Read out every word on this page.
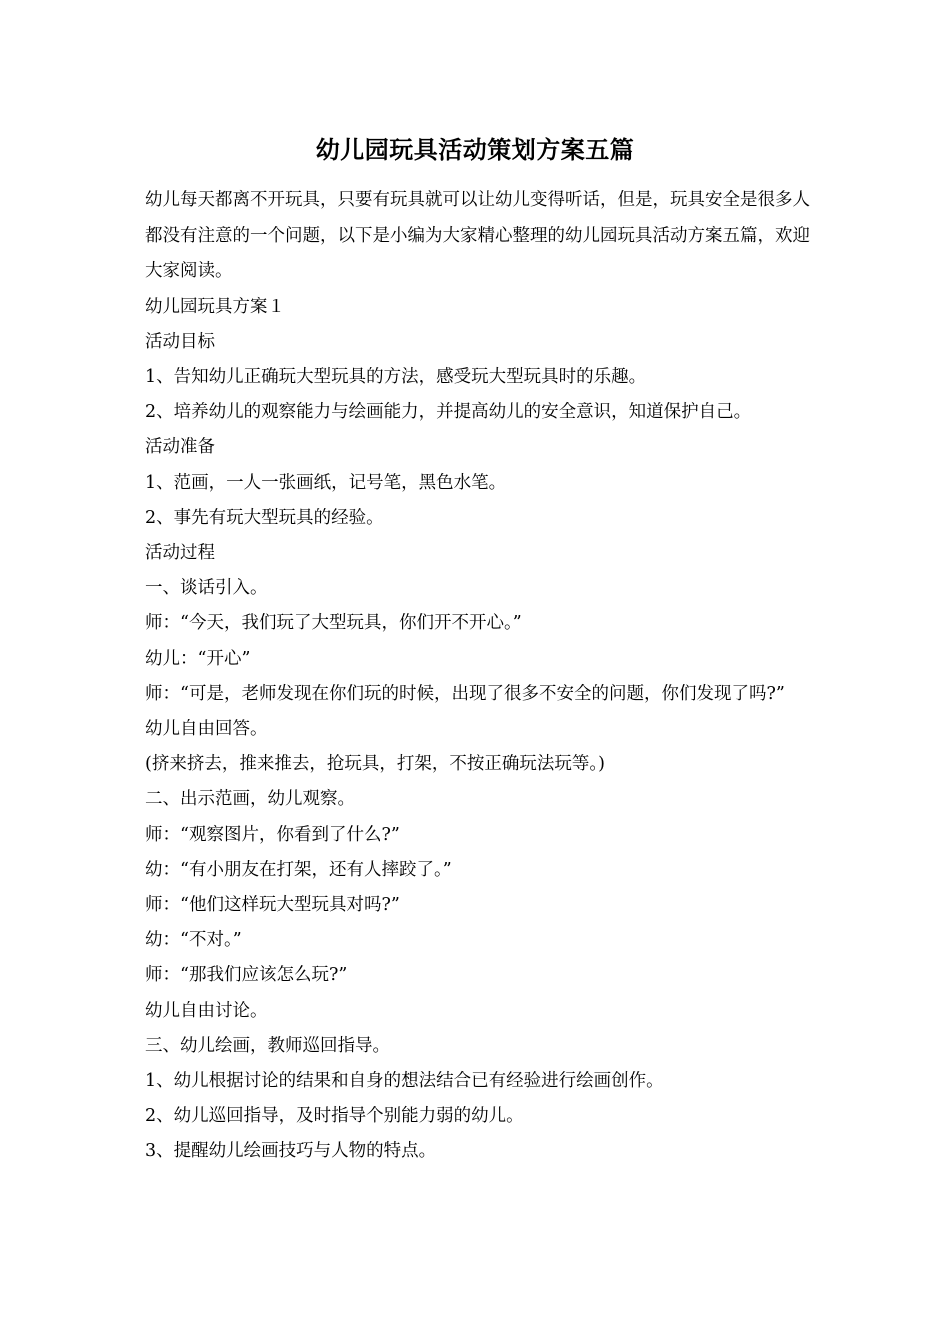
幼儿园玩具活动策划方案五篇

幼儿每天都离不开玩具，只要有玩具就可以让幼儿变得听话，但是，玩具安全是很多人都没有注意的一个问题，以下是小编为大家精心整理的幼儿园玩具活动方案五篇，欢迎大家阅读。

幼儿园玩具方案１

活动目标

1、告知幼儿正确玩大型玩具的方法，感受玩大型玩具时的乐趣。

2、培养幼儿的观察能力与绘画能力，并提高幼儿的安全意识，知道保护自己。

活动准备

1、范画，一人一张画纸，记号笔，黑色水笔。

2、事先有玩大型玩具的经验。

活动过程

一、谈话引入。

师：“今天，我们玩了大型玩具，你们开不开心。”

幼儿：“开心”

师：“可是，老师发现在你们玩的时候，出现了很多不安全的问题，你们发现了吗?”

幼儿自由回答。

(挤来挤去，推来推去，抢玩具，打架，不按正确玩法玩等。)

二、出示范画，幼儿观察。

师：“观察图片，你看到了什么?”

幼：“有小朋友在打架，还有人摔跤了。”

师：“他们这样玩大型玩具对吗?”

幼：“不对。”

师：“那我们应该怎么玩?”

幼儿自由讨论。

三、幼儿绘画，教师巡回指导。

1、幼儿根据讨论的结果和自身的想法结合已有经验进行绘画创作。

2、幼儿巡回指导，及时指导个别能力弱的幼儿。

3、提醒幼儿绘画技巧与人物的特点。
